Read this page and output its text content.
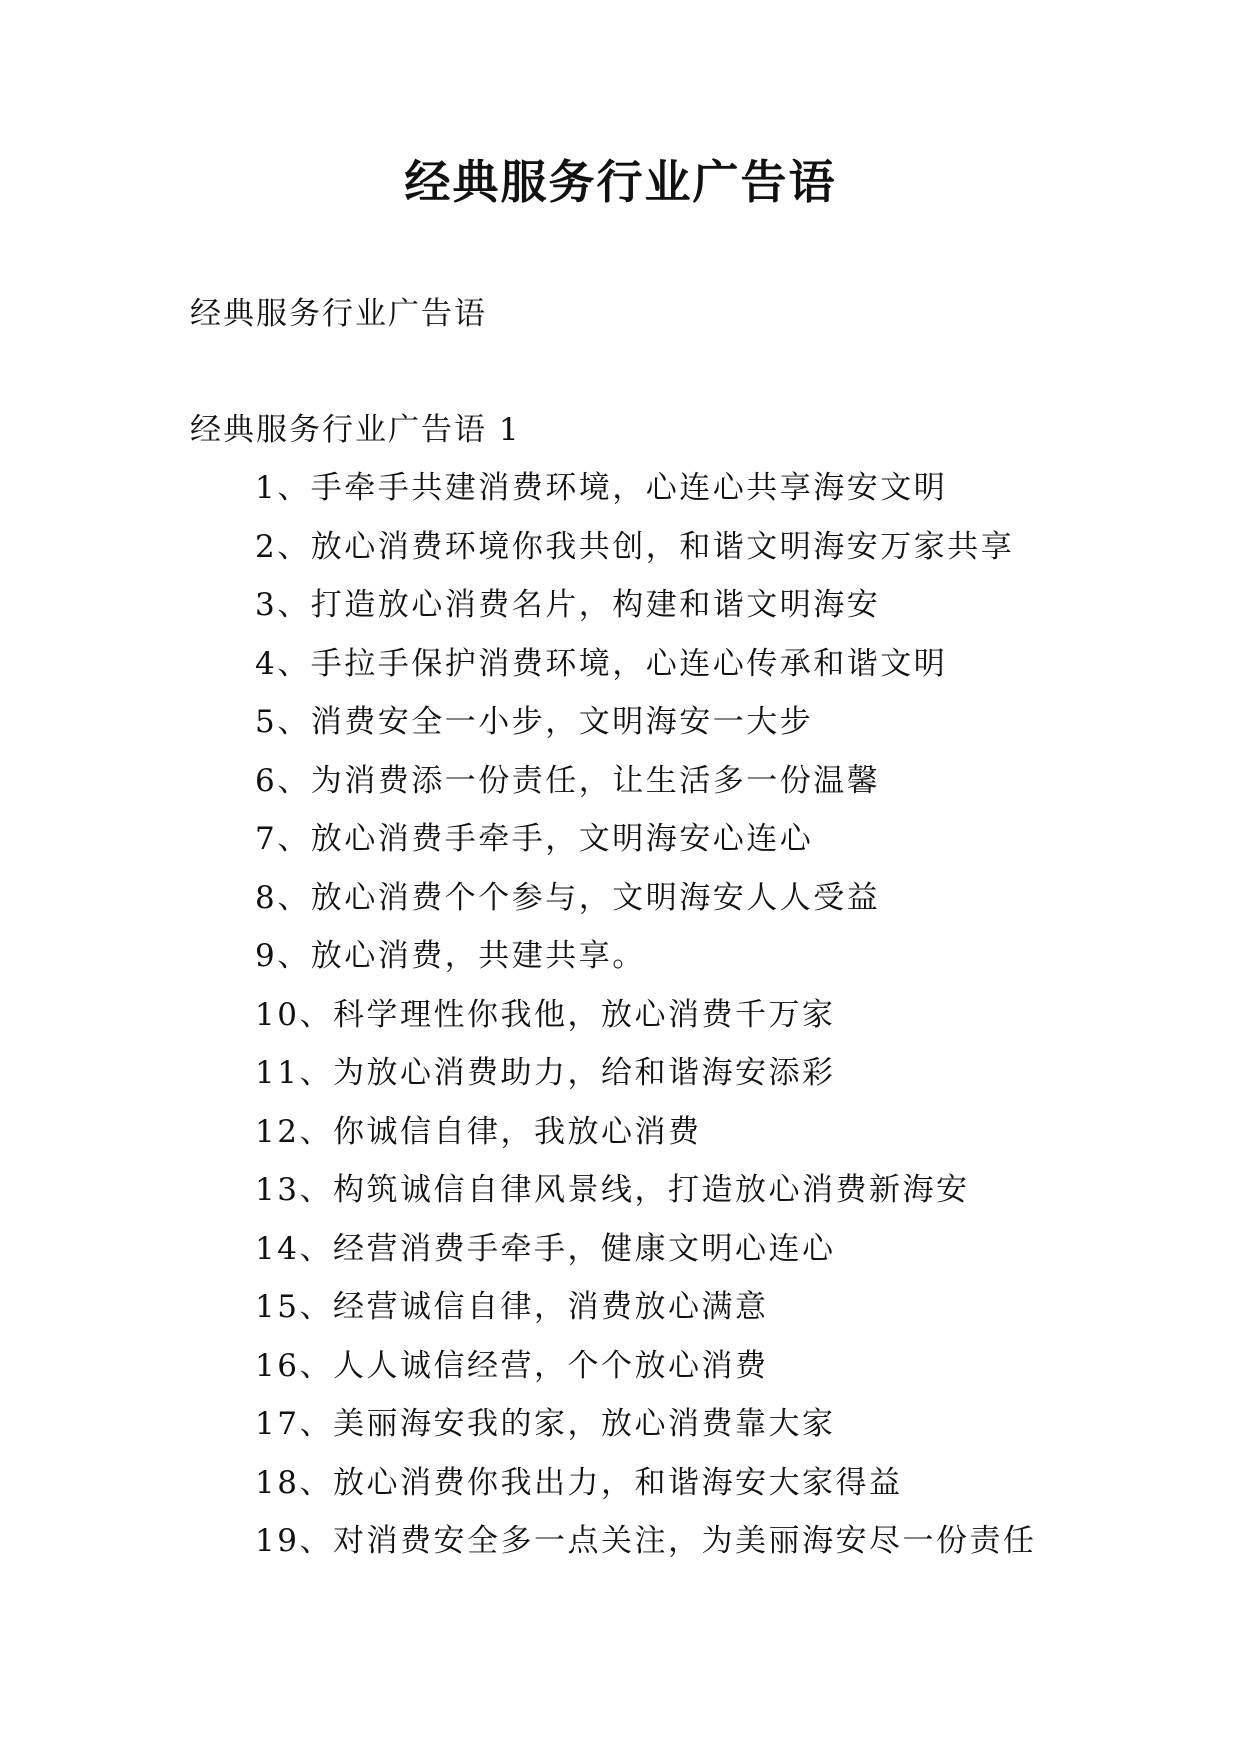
经典服务行业广告语

经典服务行业广告语

经典服务行业广告语 1

1、手牵手共建消费环境，心连心共享海安文明
2、放心消费环境你我共创，和谐文明海安万家共享
3、打造放心消费名片，构建和谐文明海安
4、手拉手保护消费环境，心连心传承和谐文明
5、消费安全一小步，文明海安一大步
6、为消费添一份责任，让生活多一份温馨
7、放心消费手牵手，文明海安心连心
8、放心消费个个参与，文明海安人人受益
9、放心消费，共建共享。
10、科学理性你我他，放心消费千万家
11、为放心消费助力，给和谐海安添彩
12、你诚信自律，我放心消费
13、构筑诚信自律风景线，打造放心消费新海安
14、经营消费手牵手，健康文明心连心
15、经营诚信自律，消费放心满意
16、人人诚信经营，个个放心消费
17、美丽海安我的家，放心消费靠大家
18、放心消费你我出力，和谐海安大家得益
19、对消费安全多一点关注，为美丽海安尽一份责任
